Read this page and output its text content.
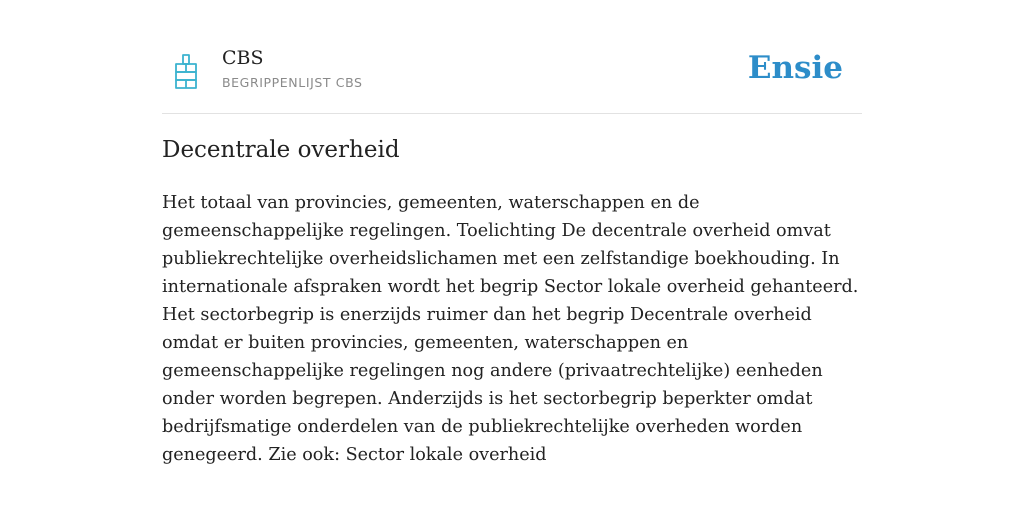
CBS
BEGRIPPENLIJST CBS	Ensie
Decentrale overheid

Het totaal van provincies, gemeenten, waterschappen en de gemeenschappelijke regelingen. Toelichting De decentrale overheid omvat publiekrechtelijke overheidslichamen met een zelfstandige boekhouding. In internationale afspraken wordt het begrip Sector lokale overheid gehanteerd. Het sectorbegrip is enerzijds ruimer dan het begrip Decentrale overheid omdat er buiten provincies, gemeenten, waterschappen en gemeenschappelijke regelingen nog andere (privaatrechtelijke) eenheden onder worden begrepen. Anderzijds is het sectorbegrip beperkter omdat bedrijfsmatige onderdelen van de publiekrechtelijke overheden worden genegeerd. Zie ook: Sector lokale overheid
